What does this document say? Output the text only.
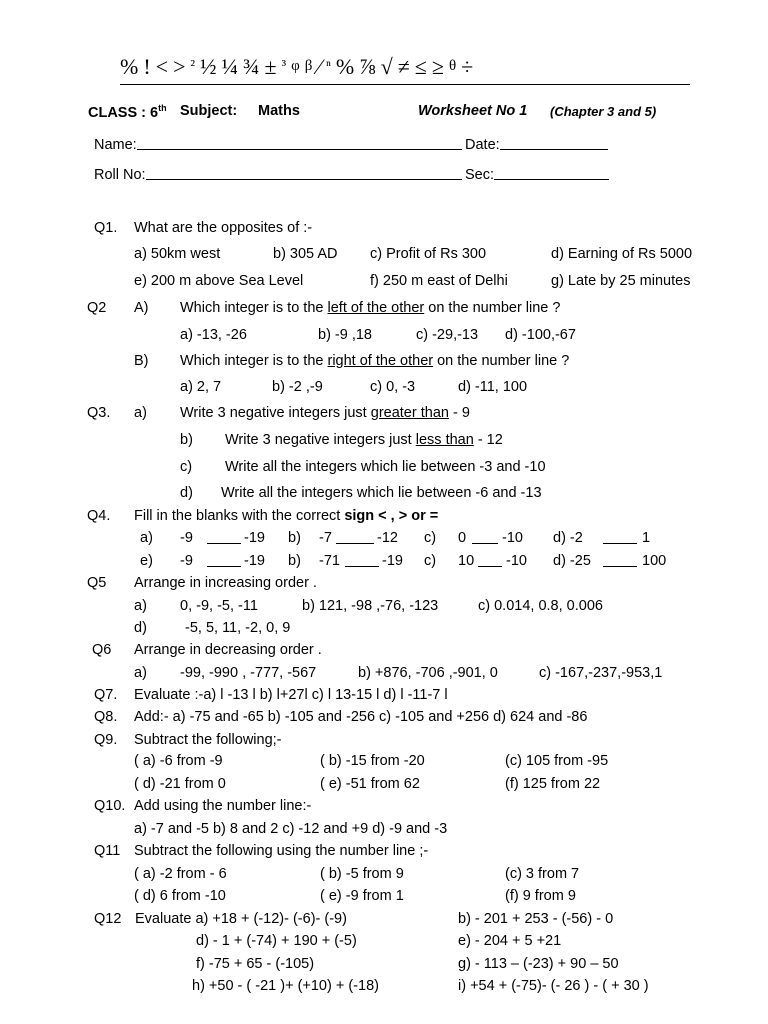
% ! < > ² ½ ¼ ¾ ± ³ φ β ⁄ ⁿ % ⅞ √ ≠ ≤ ≥ θ ÷
CLASS : 6th Subject: Maths	Worksheet No 1 (Chapter 3 and 5)
Name:	Date:
Roll No:	Sec:
Q1. What are the opposites of :-
a) 50km west	b) 305 AD c) Profit of Rs 300	d) Earning of Rs 5000
e) 200 m above Sea Level	f) 250 m east of Delhi	g) Late by 25 minutes
Q2 A) Which integer is to the left of the other on the number line ?
a) -13, -26	b) -9 ,18	c) -29,-13 d) -100,-67
B) Which integer is to the right of the other on the number line ?
a) 2, 7	b) -2 ,-9	c) 0, -3	d) -11, 100
Q3. a) Write 3 negative integers just greater than - 9
b) Write 3 negative integers just less than - 12
c) Write all the integers which lie between -3 and -10
d) Write all the integers which lie between -6 and -13
Q4. Fill in the blanks with the correct sign < , > or =
a) -9	-19 b) -7	-12 c) 0 -10 d) -2	1
e) -9	-19 b) -71	-19 c) 10 -10 d) -25	100
Q5 Arrange in increasing order .
a) 0, -9, -5, -11	b) 121, -98 ,-76, -123	c) 0.014, 0.8, 0.006
d)	-5, 5, 11, -2, 0, 9
Q6 Arrange in decreasing order .
a) -99, -990 , -777, -567	b) +876, -706 ,-901, 0	c) -167,-237,-953,1
Q7. Evaluate :-a) l -13 l b) l+27l c) l 13-15 l d) l -11-7 l
Q8. Add:- a) -75 and -65 b) -105 and -256 c) -105 and +256 d) 624 and -86
Q9. Subtract the following;-
( a) -6 from -9	( b) -15 from -20	(c) 105 from -95
( d) -21 from 0	( e) -51 from 62	(f) 125 from 22
Q10. Add using the number line:-
a) -7 and -5 b) 8 and 2 c) -12 and +9 d) -9 and -3
Q11 Subtract the following using the number line ;-
( a) -2 from - 6	( b) -5 from 9	(c) 3 from 7
( d) 6 from -10	( e) -9 from 1	(f) 9 from 9
Q12 Evaluate a) +18 + (-12)- (-6)- (-9)	b) - 201 + 253 - (-56) - 0
d) - 1 + (-74) + 190 + (-5)	e) - 204 + 5 +21
f) -75 + 65 - (-105)	g) - 113 – (-23) + 90 – 50
h) +50 - ( -21 )+ (+10) + (-18)	i) +54 + (-75)- (- 26 ) - ( + 30 )
